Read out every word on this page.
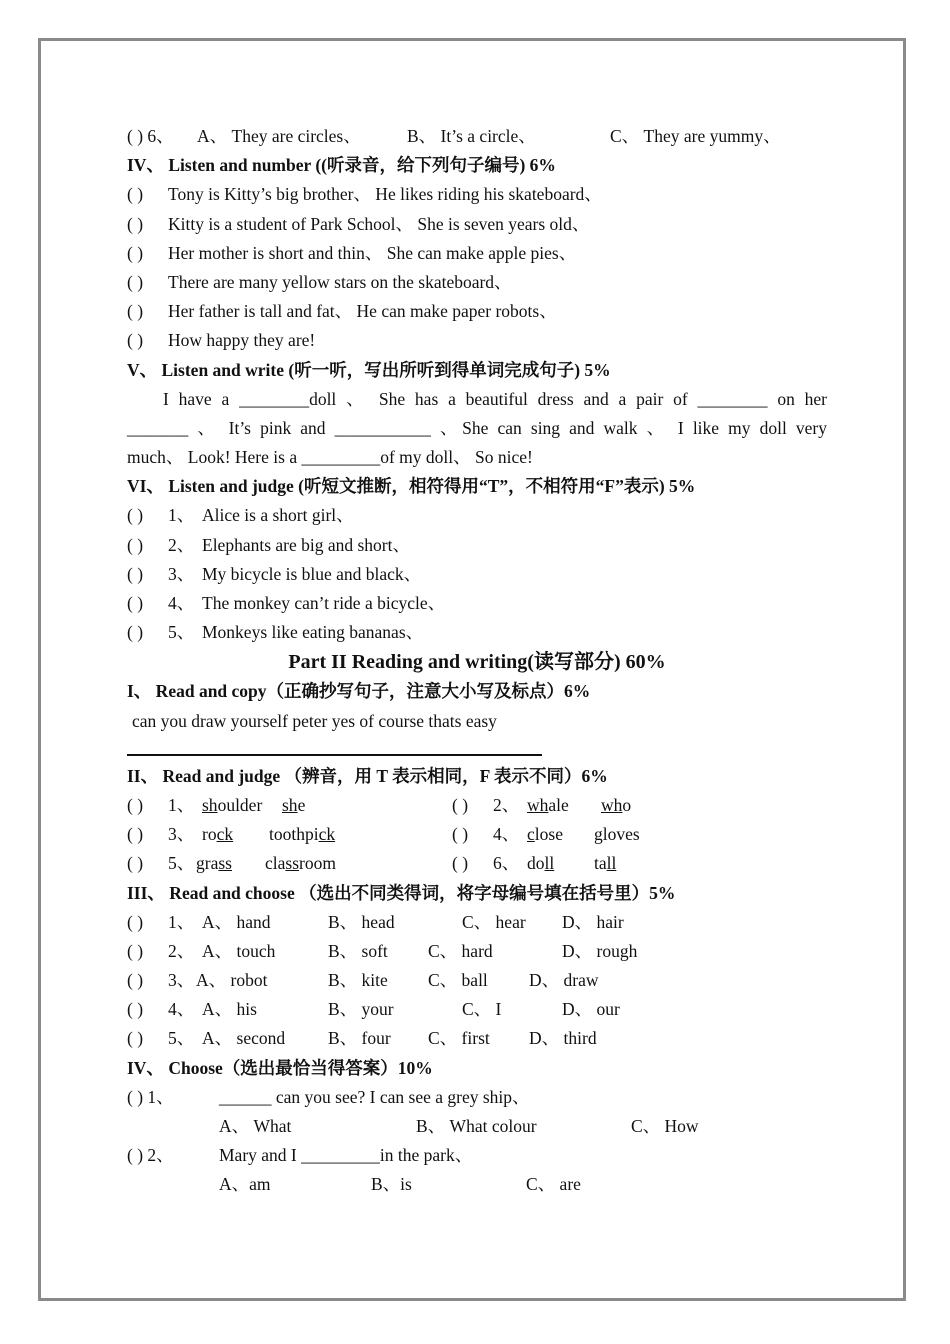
( ) 6、 A、 They are circles、	B、 It’s a circle、	C、 They are yummy、
IV、 Listen and number ((听录音，给下列句子编号) 6%
( ) Tony is Kitty’s big brother、 He likes riding his skateboard、
( ) Kitty is a student of Park School、 She is seven years old、
( ) Her mother is short and thin、 She can make apple pies、
( ) There are many yellow stars on the skateboard、
( ) Her father is tall and fat、 He can make paper robots、
( ) How happy they are!
V、 Listen and write (听一听，写出所听到得单词完成句子) 5%
I have a ________doll 、 She has a beautiful dress and a pair of ________ on her
_______ 、 It’s pink and ___________ 、She can sing and walk 、 I like my doll very
much、 Look! Here is a _________of my doll、 So nice!
VI、 Listen and judge (听短文推断，相符得用“T”，不相符用“F”表示) 5%
( ) 1、 Alice is a short girl、
( ) 2、 Elephants are big and short、
( ) 3、 My bicycle is blue and black、
( ) 4、 The monkey can’t ride a bicycle、
( ) 5、 Monkeys like eating bananas、
Part II Reading and writing(读写部分) 60%
I、 Read and copy（正确抄写句子，注意大小写及标点）6%
can you draw yourself peter yes of course thats easy
II、 Read and judge （辨音，用 T 表示相同，F 表示不同）6%
( ) 1、 shoulder she	( ) 2、 whale who
( ) 3、 rock toothpick	( ) 4、 close gloves
( ) 5、 grass classroom	( ) 6、 doll tall
III、 Read and choose （选出不同类得词，将字母编号填在括号里）5%
( ) 1、 A、 hand	B、 head	C、 hear D、 hair
( ) 2、 A、 touch	B、 soft C、 hard	D、 rough
( ) 3、 A、 robot	B、 kite C、 ball D、 draw
( ) 4、 A、 his	B、 your	C、 I	D、 our
( ) 5、 A、 second B、 four C、 first D、 third
IV、 Choose（选出最恰当得答案）10%
( ) 1、	______ can you see? I can see a grey ship、
A、 What	B、 What colour	C、 How
( ) 2、	Mary and I _________in the park、
A、am	B、is	C、 are
